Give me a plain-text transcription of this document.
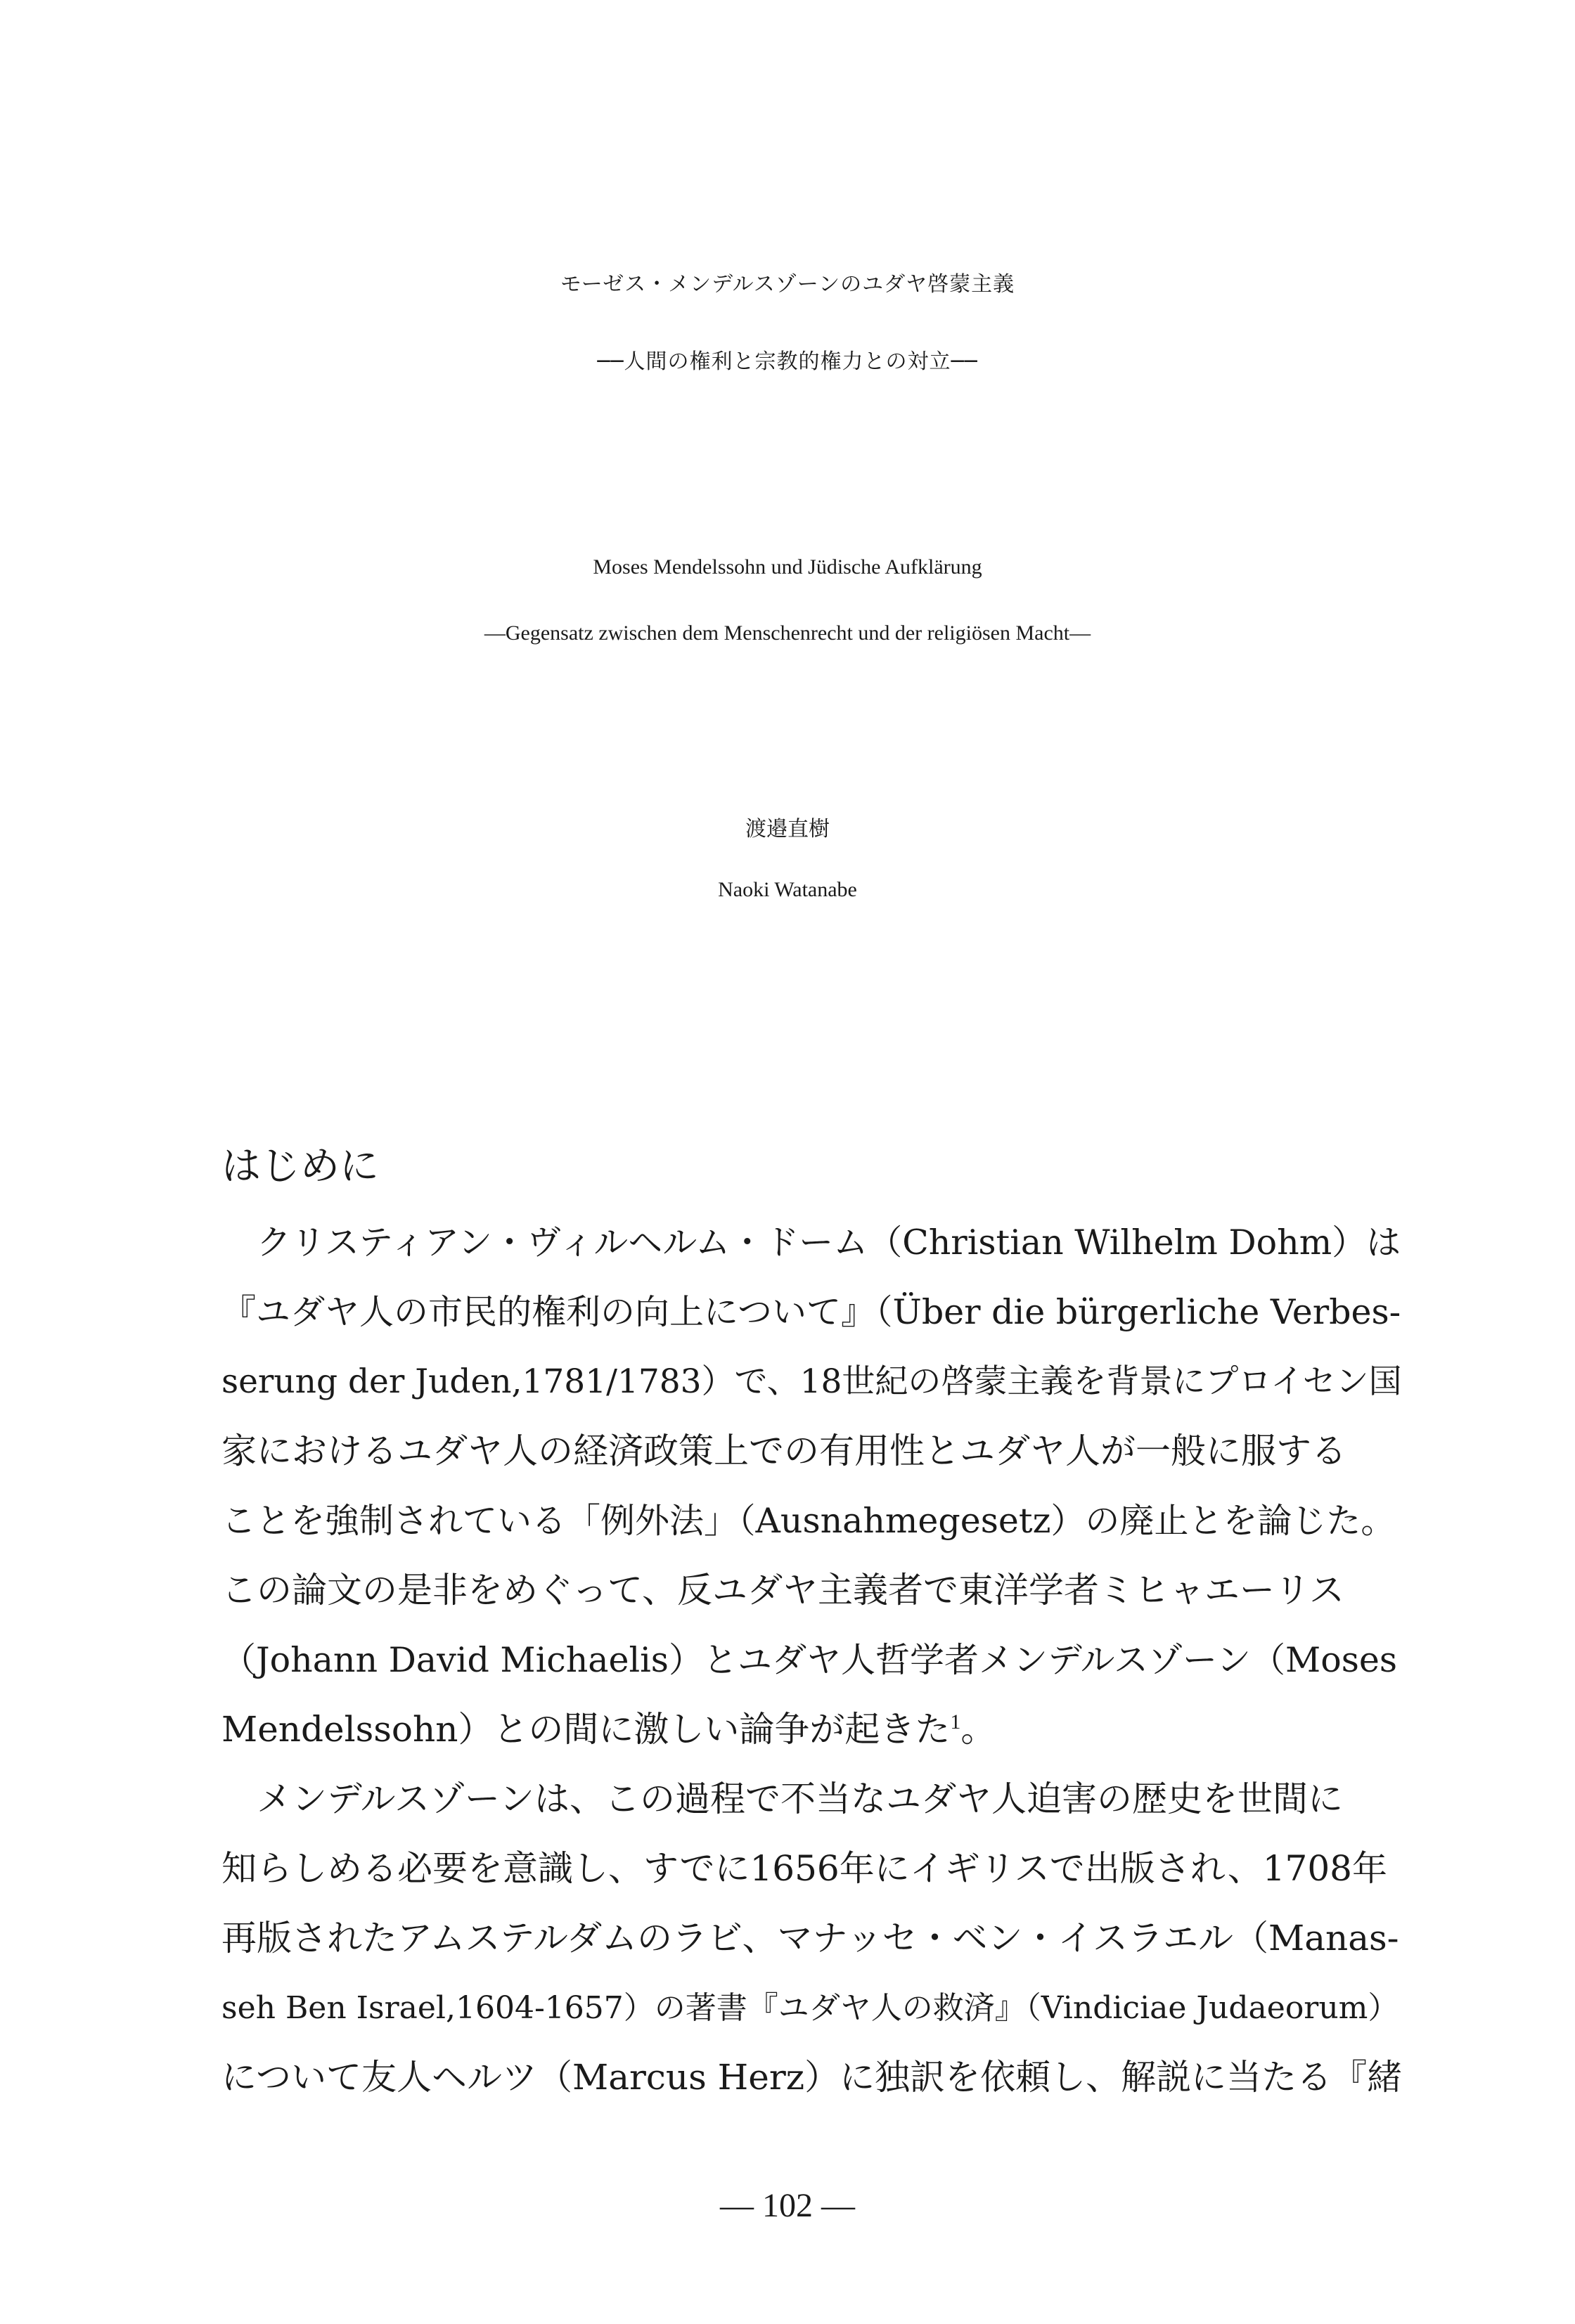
モーゼス・メンデルスゾーンのユダヤ啓蒙主義
──人間の権利と宗教的権力との対立──
Moses Mendelssohn und Jüdische Aufklärung
—Gegensatz zwischen dem Menschenrecht und der religiösen Macht—
渡邉直樹
Naoki Watanabe
はじめに
クリスティアン・ヴィルヘルム・ドーム（Christian Wilhelm Dohm）は
『ユダヤ人の市民的権利の向上について』（Über die bürgerliche Verbes-
serung der Juden,1781/1783）で、18世紀の啓蒙主義を背景にプロイセン国
家におけるユダヤ人の経済政策上での有用性とユダヤ人が一般に服する
ことを強制されている「例外法」（Ausnahmegesetz）の廃止とを論じた。
この論文の是非をめぐって、反ユダヤ主義者で東洋学者ミヒャエーリス
（Johann David Michaelis）とユダヤ人哲学者メンデルスゾーン（Moses
Mendelssohn）との間に激しい論争が起きた$^1$。
メンデルスゾーンは、この過程で不当なユダヤ人迫害の歴史を世間に
知らしめる必要を意識し、すでに1656年にイギリスで出版され、1708年
再版されたアムステルダムのラビ、マナッセ・ベン・イスラエル（Manas-
seh Ben Israel,1604-1657）の著書『ユダヤ人の救済』（Vindiciae Judaeorum）
について友人ヘルツ（Marcus Herz）に独訳を依頼し、解説に当たる『緒
— 102 —
